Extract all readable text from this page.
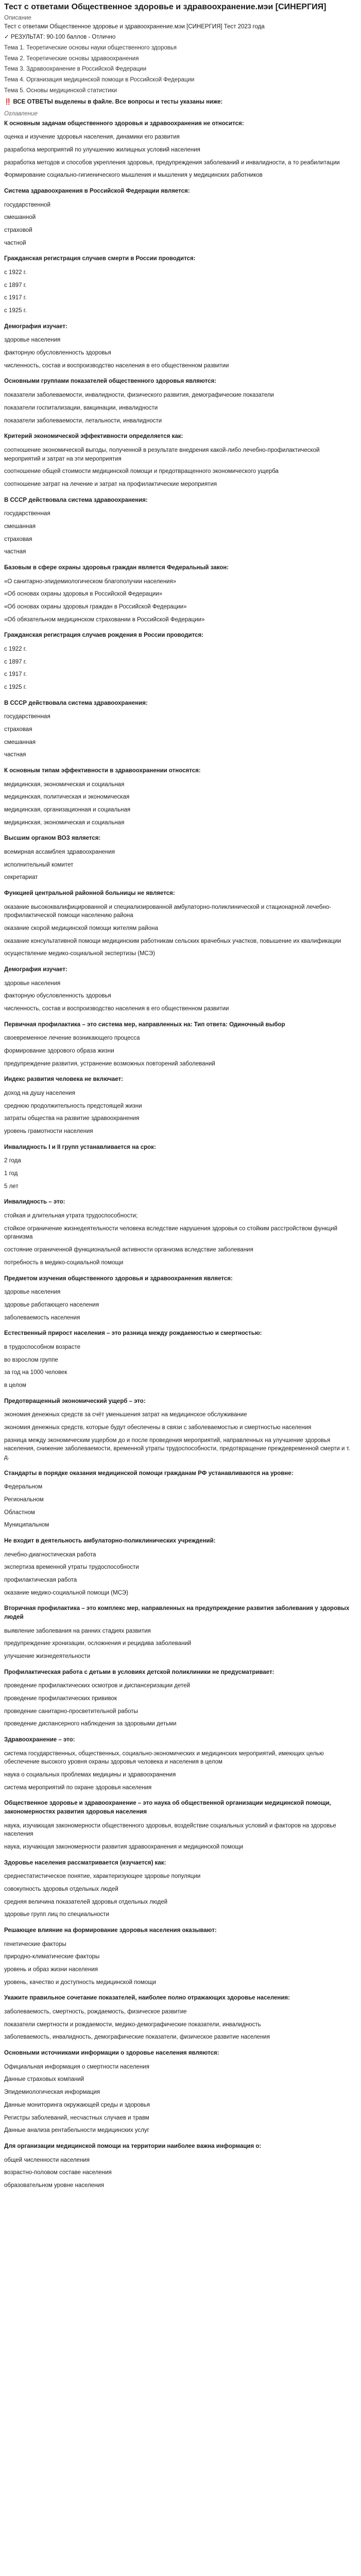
Тест с ответами Общественное здоровье и здравоохранение.мэи [СИНЕРГИЯ]
Описание
Тест с ответами Общественное здоровье и здравоохранение.мэи [СИНЕРГИЯ] Тест 2023 года
✓ РЕЗУЛЬТАТ: 90-100 баллов - Отлично
Тема 1. Теоретические основы науки общественного здоровья
Тема 2. Теоретические основы здравоохранения
Тема 3. Здравоохранение в Российской Федерации
Тема 4. Организация медицинской помощи в Российской Федерации
Тема 5. Основы медицинской статистики
‼️ ВСЕ ОТВЕТЫ выделены в файле. Все вопросы и тесты указаны ниже:
Оглавление
К основным задачам общественного здоровья и здравоохранения не относится:
оценка и изучение здоровья населения, динамики его развития
разработка мероприятий по улучшению жилищных условий населения
разработка методов и способов укрепления здоровья, предупреждения заболеваний и инвалидности, а то реабилитации
Формирование социально-гигиенического мышления и мышления у медицинских работников
Система здравоохранения в Российской Федерации является:
государственной
смешанной
страховой
частной
Гражданская регистрация случаев смерти в России проводится:
с 1922 г.
с 1897 г.
с 1917 г.
с 1925 г.
Демография изучает:
здоровье населения
факторную обусловленность здоровья
численность, состав и воспроизводство населения в его общественном развитии
Основными группами показателей общественного здоровья являются:
показатели заболеваемости, инвалидности, физического развития, демографические показатели
показатели госпитализации, вакцинации, инвалидности
показатели заболеваемости, летальности, инвалидности
Критерий экономической эффективности определяется как:
соотношение экономической выгоды, полученной в результате внедрения какой-либо лечебно-профилактической мероприятий и затрат на эти мероприятия
соотношение общей стоимости медицинской помощи и предотвращенного экономического ущерба
соотношение затрат на лечение и затрат на профилактические мероприятия
В СССР действовала система здравоохранения:
государственная
смешанная
страховая
частная
Базовым в сфере охраны здоровья граждан является Федеральный закон:
«О санитарно-эпидемиологическом благополучии населения»
«Об основах охраны здоровья в Российской Федерации»
«Об основах охраны здоровья граждан в Российской Федерации»
«Об обязательном медицинском страховании в Российской Федерации»
Гражданская регистрация случаев рождения в России проводится:
с 1922 г.
с 1897 г.
с 1917 г.
с 1925 г.
В СССР действовала система здравоохранения:
государственная
страховая
смешанная
частная
К основным типам эффективности в здравоохранении относятся:
медицинская, экономическая и социальная
медицинская, политическая и экономическая
медицинская, организационная и социальная
медицинская, экономическая и социальная
Высшим органом ВОЗ является:
всемирная ассамблея здравоохранения
исполнительный комитет
секретариат
Функцией центральной районной больницы не является:
оказание высококвалифицированной и специализированной амбулаторно-поликлинической и стационарной лечебно-профилактической помощи населению района
оказание скорой медицинской помощи жителям района
оказание консультативной помощи медицинским работникам сельских врачебных участков, повышение их квалификации
осуществление медико-социальной экспертизы (МСЭ)
Демография изучает:
здоровье населения
факторную обусловленность здоровья
численность, состав и воспроизводство населения в его общественном развитии
Первичная профилактика – это система мер, направленных на: Тип ответа: Одиночный выбор
своевременное лечение возникающего процесса
формирование здорового образа жизни
предупреждение развития, устранение возможных повторений заболеваний
Индекс развития человека не включает:
доход на душу населения
среднюю продолжительность предстоящей жизни
затраты общества на развитие здравоохранения
уровень грамотности населения
Инвалидность I и II групп устанавливается на срок:
2 года
1 год
5 лет
Инвалидность – это:
стойкая и длительная утрата трудоспособности;
стойкое ограничение жизнедеятельности человека вследствие нарушения здоровья со стойким расстройством функций организма
состояние ограниченной функциональной активности организма вследствие заболевания
потребность в медико-социальной помощи
Предметом изучения общественного здоровья и здравоохранения является:
здоровье населения
здоровье работающего населения
заболеваемость населения
Естественный прирост населения – это разница между рождаемостью и смертностью:
в трудоспособном возрасте
во взрослом группе
за год на 1000 человек
в целом
Предотвращенный экономический ущерб – это:
экономия денежных средств за счёт уменьшения затрат на медицинское обслуживание
экономия денежных средств, которые будут обеспечены в связи с заболеваемостью и смертностью населения
разница между экономическим ущербом до и после проведения мероприятий, направленных на улучшение здоровья населения, снижение заболеваемости, временной утраты трудоспособности, предотвращение преждевременной смерти и т. д.
Стандарты в порядке оказания медицинской помощи гражданам РФ устанавливаются на уровне:
Федеральном
Региональном
Областном
Муниципальном
Не входит в деятельность амбулаторно-поликлинических учреждений:
лечебно-диагностическая работа
экспертиза временной утраты трудоспособности
профилактическая работа
оказание медико-социальной помощи (МСЭ)
Вторичная профилактика – это комплекс мер, направленных на предупреждение развития заболевания у здоровых людей
выявление заболевания на ранних стадиях развития
предупреждение хронизации, осложнения и рецидива заболеваний
улучшение жизнедеятельности
Профилактическая работа с детьми в условиях детской поликлиники не предусматривает:
проведение профилактических осмотров и диспансеризации детей
проведение профилактических прививок
проведение санитарно-просветительной работы
проведение диспансерного наблюдения за здоровыми детьми
Здравоохранение – это:
система государственных, общественных, социально-экономических и медицинских мероприятий, имеющих целью обеспечение высокого уровня охраны здоровья человека и населения в целом
наука о социальных проблемах медицины и здравоохранения
система мероприятий по охране здоровья населения
Общественное здоровье и здравоохранение – это наука об общественной организации медицинской помощи, закономерностях развития здоровья населения
наука, изучающая закономерности общественного здоровья, воздействие социальных условий и факторов на здоровье населения
наука, изучающая закономерности развития здравоохранения и медицинской помощи
Здоровье населения рассматривается (изучается) как:
среднестатистическое понятие, характеризующее здоровье популяции
совокупность здоровья отдельных людей
средняя величина показателей здоровья отдельных людей
здоровье групп лиц по специальности
Решающее влияние на формирование здоровья населения оказывают:
генетические факторы
природно-климатические факторы
уровень и образ жизни населения
уровень, качество и доступность медицинской помощи
Укажите правильное сочетание показателей, наиболее полно отражающих здоровье населения:
заболеваемость, смертность, рождаемость, физическое развитие
показатели смертности и рождаемости, медико-демографические показатели, инвалидность
заболеваемость, инвалидность, демографические показатели, физическое развитие населения
Основными источниками информации о здоровье населения являются:
Официальная информация о смертности населения
Данные страховых компаний
Эпидемиологическая информация
Данные мониторинга окружающей среды и здоровья
Регистры заболеваний, несчастных случаев и травм
Данные анализа рентабельности медицинских услуг
Для организации медицинской помощи на территории наиболее важна информация о:
общей численности населения
возрастно-половом составе населения
образовательном уровне населения
